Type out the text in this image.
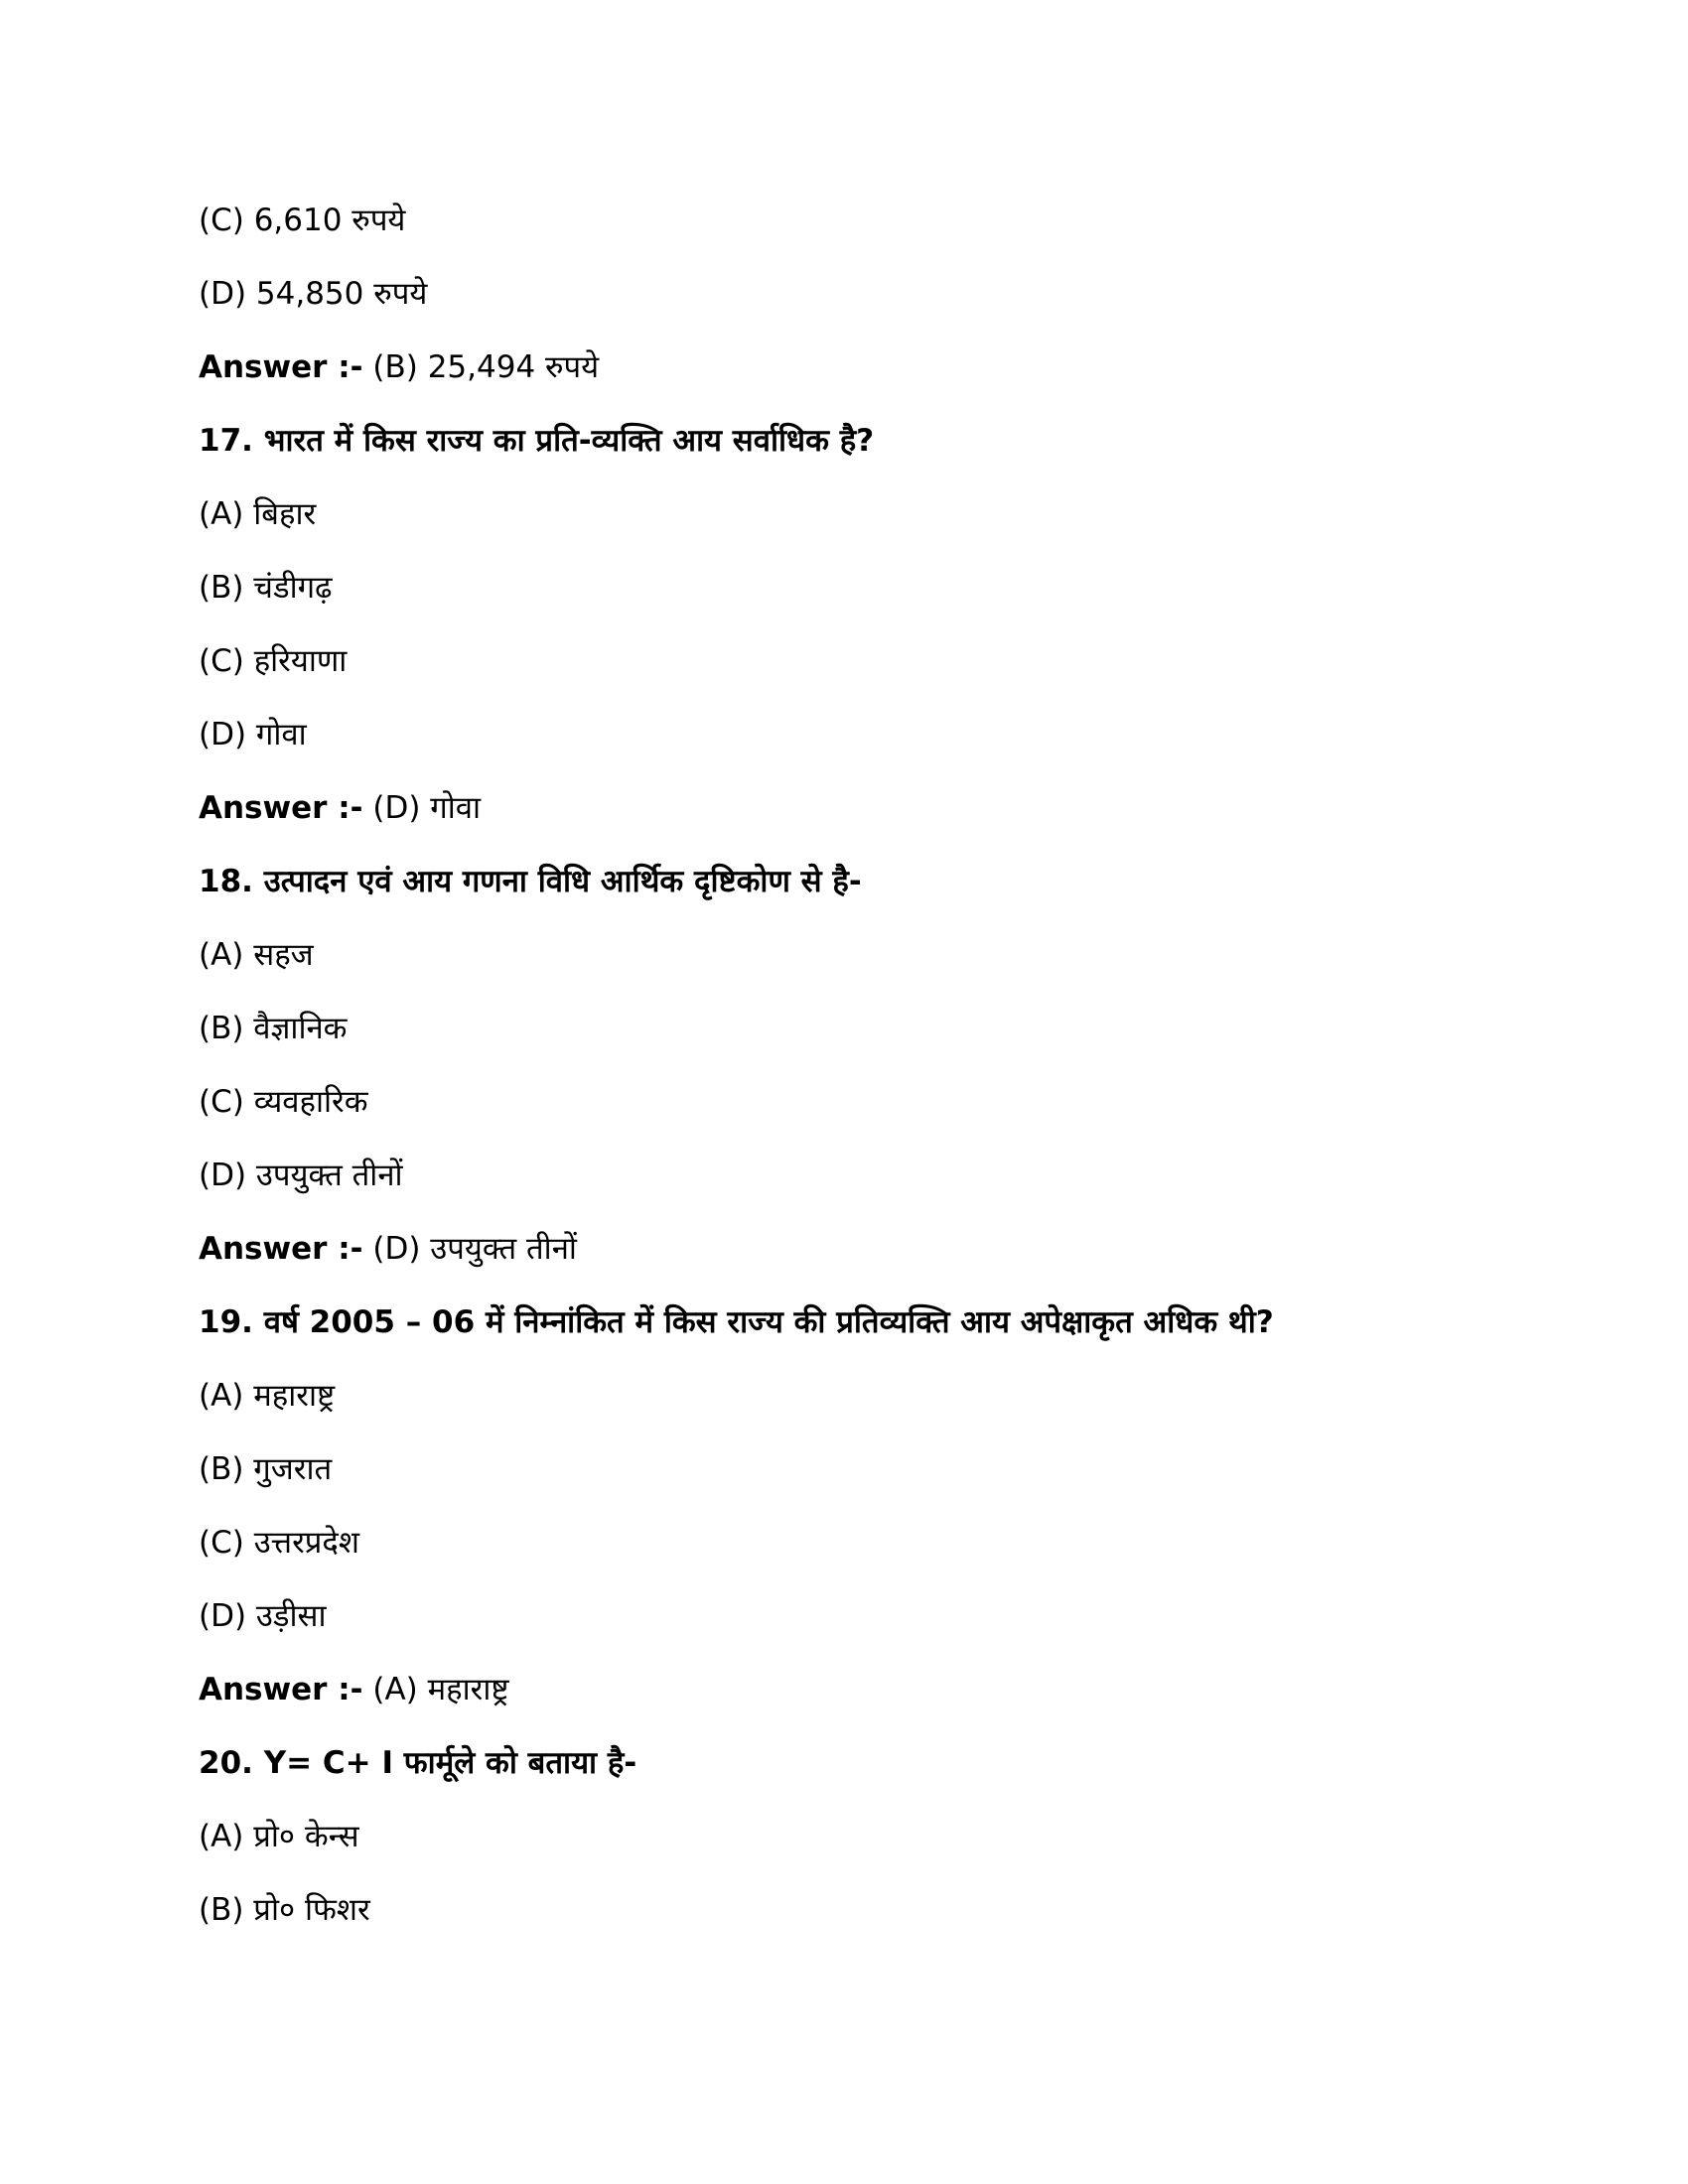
(C) 6,610 रुपये
(D) 54,850 रुपये
Answer :- (B) 25,494 रुपये
17. भारत में किस राज्य का प्रति-व्यक्ति आय सर्वाधिक है?
(A) बिहार
(B) चंडीगढ़
(C) हरियाणा
(D) गोवा
Answer :- (D) गोवा
18. उत्पादन एवं आय गणना विधि आर्थिक दृष्टिकोण से है-
(A) सहज
(B) वैज्ञानिक
(C) व्यवहारिक
(D) उपयुक्त तीनों
Answer :- (D) उपयुक्त तीनों
19. वर्ष 2005 – 06 में निम्नांकित में किस राज्य की प्रतिव्यक्ति आय अपेक्षाकृत अधिक थी?
(A) महाराष्ट्र
(B) गुजरात
(C) उत्तरप्रदेश
(D) उड़ीसा
Answer :- (A) महाराष्ट्र
20. Y= C+ I फार्मूले को बताया है-
(A) प्रो० केन्स
(B) प्रो० फिशर
